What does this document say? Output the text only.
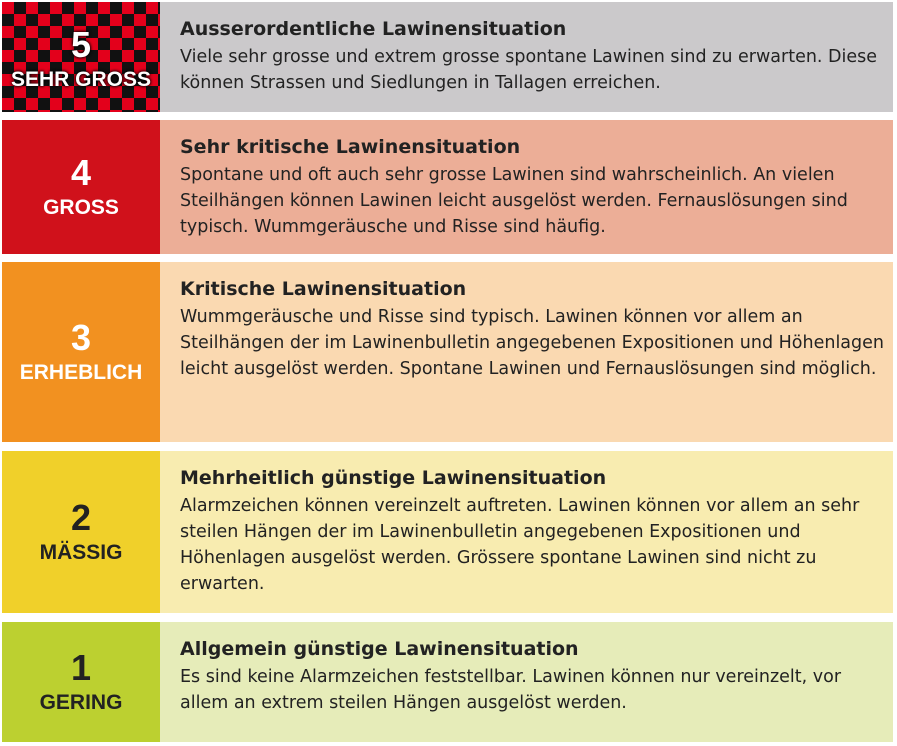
5
SEHR GROSS
Ausserordentliche Lawinensituation
Viele sehr grosse und extrem grosse spontane Lawinen sind zu erwarten. Diese können Strassen und Siedlungen in Tallagen erreichen.
4
GROSS
Sehr kritische Lawinensituation
Spontane und oft auch sehr grosse Lawinen sind wahrscheinlich. An vielen Steilhängen können Lawinen leicht ausgelöst werden. Fernauslösungen sind typisch. Wummgeräusche und Risse sind häufig.
3
ERHEBLICH
Kritische Lawinensituation
Wummgeräusche und Risse sind typisch. Lawinen können vor allem an Steilhängen der im Lawinenbulletin angegebenen Expositionen und Höhenlagen leicht ausgelöst werden. Spontane Lawinen und Fernauslösungen sind möglich.
2
MÄSSIG
Mehrheitlich günstige Lawinensituation
Alarmzeichen können vereinzelt auftreten. Lawinen können vor allem an sehr steilen Hängen der im Lawinenbulletin angegebenen Expositionen und Höhenlagen ausgelöst werden. Grössere spontane Lawinen sind nicht zu erwarten.
1
GERING
Allgemein günstige Lawinensituation
Es sind keine Alarmzeichen feststellbar. Lawinen können nur vereinzelt, vor allem an extrem steilen Hängen ausgelöst werden.
